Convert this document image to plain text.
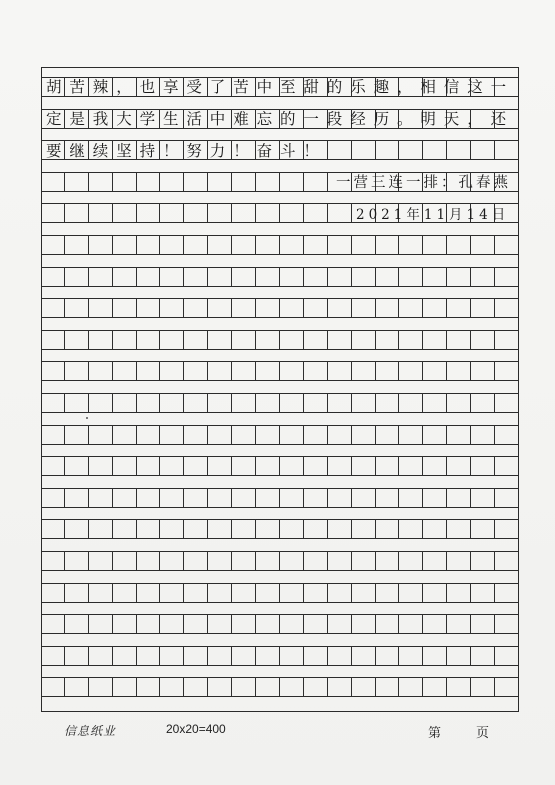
胡苦辣，也享受了苦中至甜的乐趣，相信这一
定是我大学生活中难忘的一段经历。明天，还
要继续坚持！努力！奋斗！
一营三连一排：孔春燕
2021年11月14日
信息纸业	20x20=400	第	页
